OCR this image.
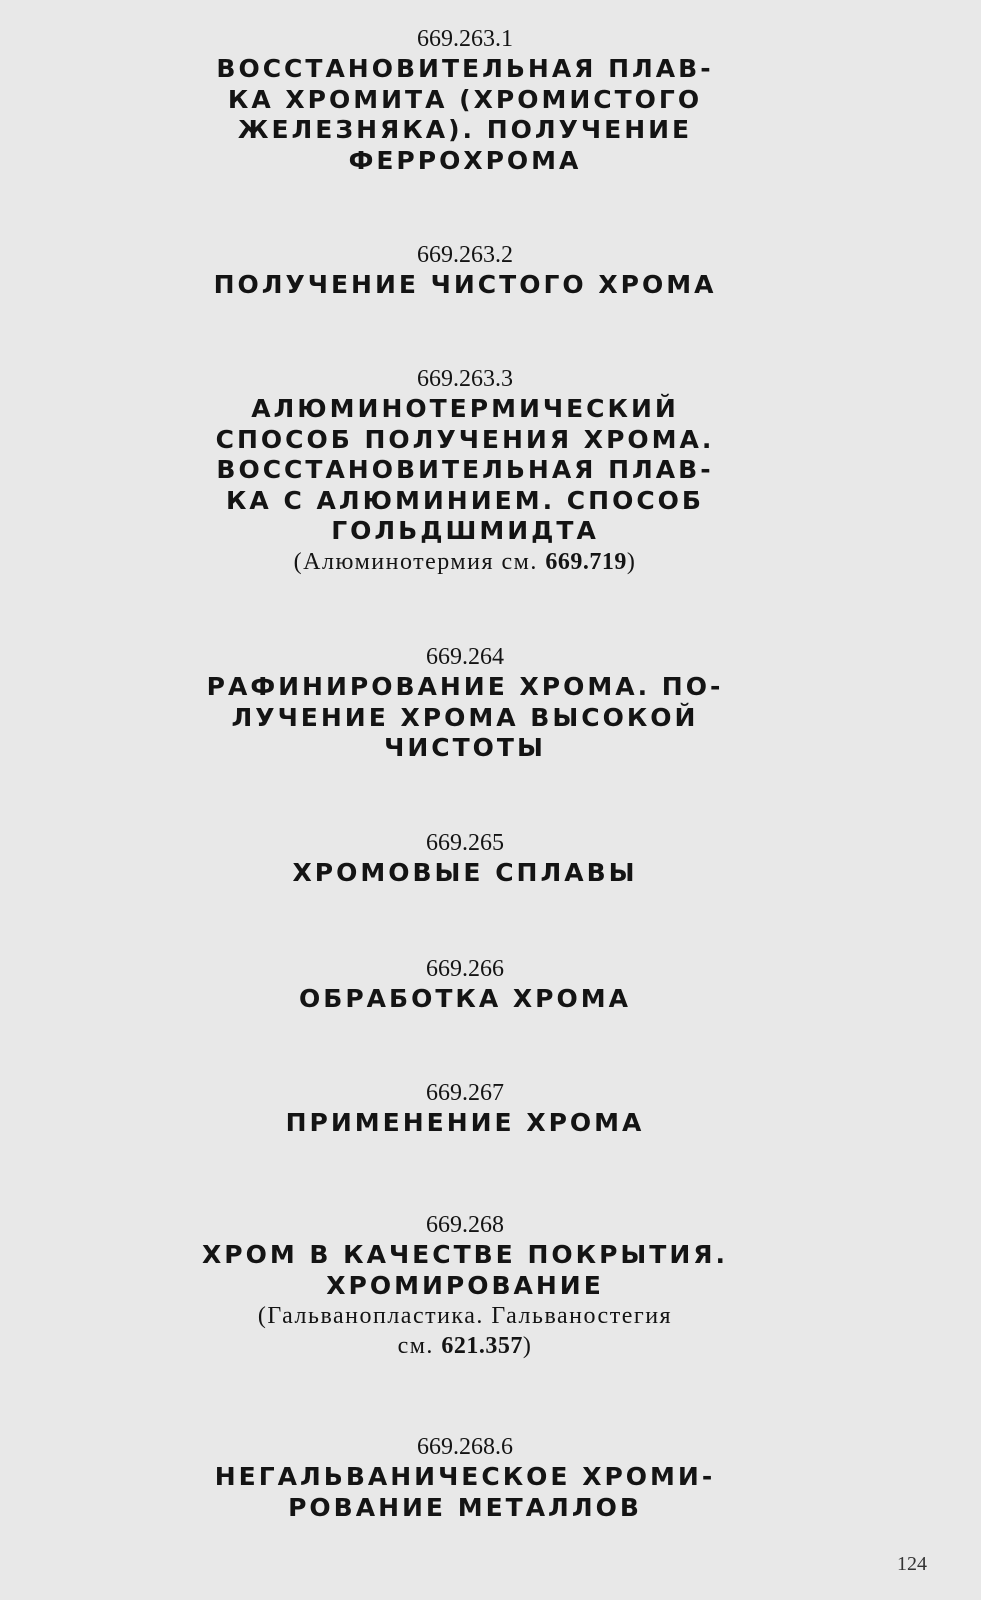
669.263.1
ВОССТАНОВИТЕЛЬНАЯ ПЛАВ-
КА ХРОМИТА (ХРОМИСТОГО
ЖЕЛЕЗНЯКА). ПОЛУЧЕНИЕ
ФЕРРОХРОМА
669.263.2
ПОЛУЧЕНИЕ ЧИСТОГО ХРОМА
669.263.3
АЛЮМИНОТЕРМИЧЕСКИЙ
СПОСОБ ПОЛУЧЕНИЯ ХРОМА.
ВОССТАНОВИТЕЛЬНАЯ ПЛАВ-
КА С АЛЮМИНИЕМ. СПОСОБ
ГОЛЬДШМИДТА
(Алюминотермия см. 669.719)
669.264
РАФИНИРОВАНИЕ ХРОМА. ПО-
ЛУЧЕНИЕ ХРОМА ВЫСОКОЙ
ЧИСТОТЫ
669.265
ХРОМОВЫЕ СПЛАВЫ
669.266
ОБРАБОТКА ХРОМА
669.267
ПРИМЕНЕНИЕ ХРОМА
669.268
ХРОМ В КАЧЕСТВЕ ПОКРЫТИЯ.
ХРОМИРОВАНИЕ
(Гальванопластика. Гальваностегия
см. 621.357)
669.268.6
НЕГАЛЬВАНИЧЕСКОЕ ХРОМИ-
РОВАНИЕ МЕТАЛЛОВ
124
